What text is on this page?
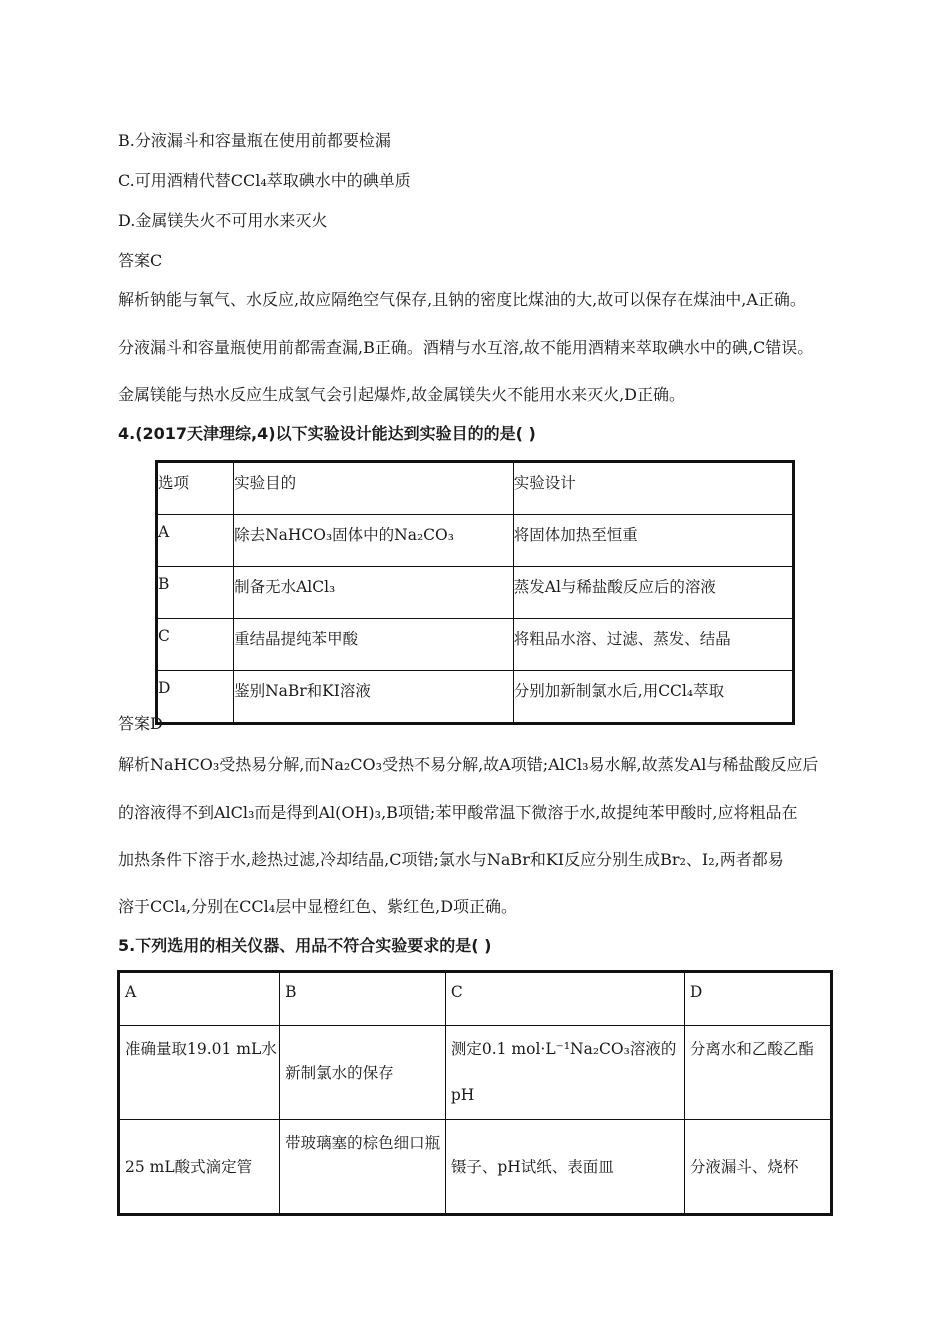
B.分液漏斗和容量瓶在使用前都要检漏
C.可用酒精代替CCl₄萃取碘水中的碘单质
D.金属镁失火不可用水来灭火
答案C
解析钠能与氧气、水反应,故应隔绝空气保存,且钠的密度比煤油的大,故可以保存在煤油中,A正确。
分液漏斗和容量瓶使用前都需查漏,B正确。酒精与水互溶,故不能用酒精来萃取碘水中的碘,C错误。
金属镁能与热水反应生成氢气会引起爆炸,故金属镁失火不能用水来灭火,D正确。
4.(2017天津理综,4)以下实验设计能达到实验目的的是( )
选项	实验目的	实验设计
A	除去NaHCO₃固体中的Na₂CO₃	将固体加热至恒重
B	制备无水AlCl₃	蒸发Al与稀盐酸反应后的溶液
C	重结晶提纯苯甲酸	将粗品水溶、过滤、蒸发、结晶
D	鉴别NaBr和KI溶液	分别加新制氯水后,用CCl₄萃取
答案D
解析NaHCO₃受热易分解,而Na₂CO₃受热不易分解,故A项错;AlCl₃易水解,故蒸发Al与稀盐酸反应后
的溶液得不到AlCl₃而是得到Al(OH)₃,B项错;苯甲酸常温下微溶于水,故提纯苯甲酸时,应将粗品在
加热条件下溶于水,趁热过滤,冷却结晶,C项错;氯水与NaBr和KI反应分别生成Br₂、I₂,两者都易
溶于CCl₄,分别在CCl₄层中显橙红色、紫红色,D项正确。
5.下列选用的相关仪器、用品不符合实验要求的是( )
A	B	C	D
准确量取19.01 mL水	新制氯水的保存	测定0.1 mol·L⁻¹Na₂CO₃溶液的pH	分离水和乙酸乙酯
25 mL酸式滴定管	带玻璃塞的棕色细口瓶	镊子、pH试纸、表面皿	分液漏斗、烧杯
